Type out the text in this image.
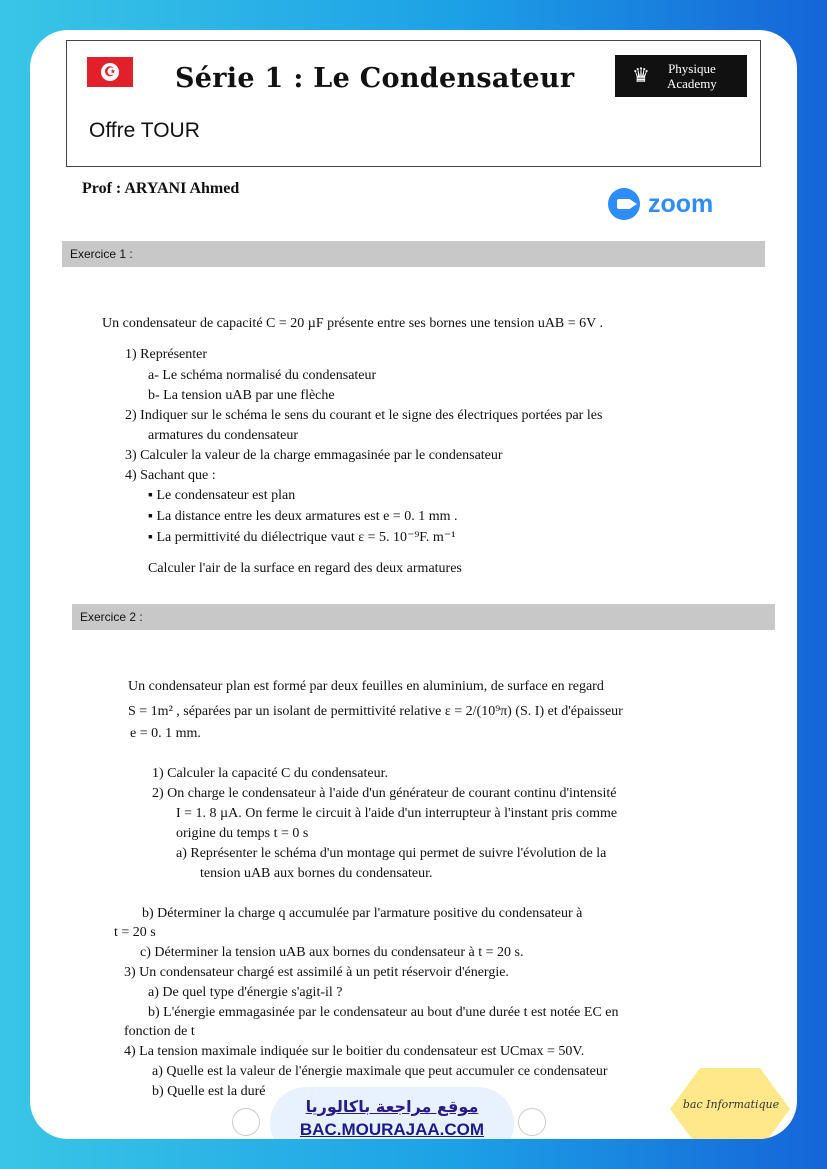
☪ Série 1 : Le Condensateur	♛	Physique
Academy
Offre TOUR
Prof : ARYANI Ahmed
zoom
Exercice 1 :
Un condensateur de capacité C = 20 µF présente entre ses bornes une tension uAB = 6V .
1) Représenter
a- Le schéma normalisé du condensateur
b- La tension uAB par une flèche
2) Indiquer sur le schéma le sens du courant et le signe des électriques portées par les
armatures du condensateur
3) Calculer la valeur de la charge emmagasinée par le condensateur
4) Sachant que :
▪ Le condensateur est plan
▪ La distance entre les deux armatures est e = 0. 1 mm .
▪ La permittivité du diélectrique vaut ε = 5. 10⁻⁹F. m⁻¹
Calculer l'air de la surface en regard des deux armatures
Exercice 2 :
Un condensateur plan est formé par deux feuilles en aluminium, de surface en regard
S = 1m² , séparées par un isolant de permittivité relative ε = 2/(10⁹π) (S. I) et d'épaisseur
e = 0. 1 mm.
1) Calculer la capacité C du condensateur.
2) On charge le condensateur à l'aide d'un générateur de courant continu d'intensité
I = 1. 8 µA. On ferme le circuit à l'aide d'un interrupteur à l'instant pris comme
origine du temps t = 0 s
a) Représenter le schéma d'un montage qui permet de suivre l'évolution de la
tension uAB aux bornes du condensateur.
b) Déterminer la charge q accumulée par l'armature positive du condensateur à
t = 20 s
c) Déterminer la tension uAB aux bornes du condensateur à t = 20 s.
3) Un condensateur chargé est assimilé à un petit réservoir d'énergie.
a) De quel type d'énergie s'agit-il ?
b) L'énergie emmagasinée par le condensateur au bout d'une durée t est notée EC en
fonction de t
4) La tension maximale indiquée sur le boitier du condensateur est UCmax = 50V.
a) Quelle est la valeur de l'énergie maximale que peut accumuler ce condensateur
b) Quelle est la duré
موقع مراجعة باكالوريا
BAC.MOURAJAA.COM
bac Informatique
